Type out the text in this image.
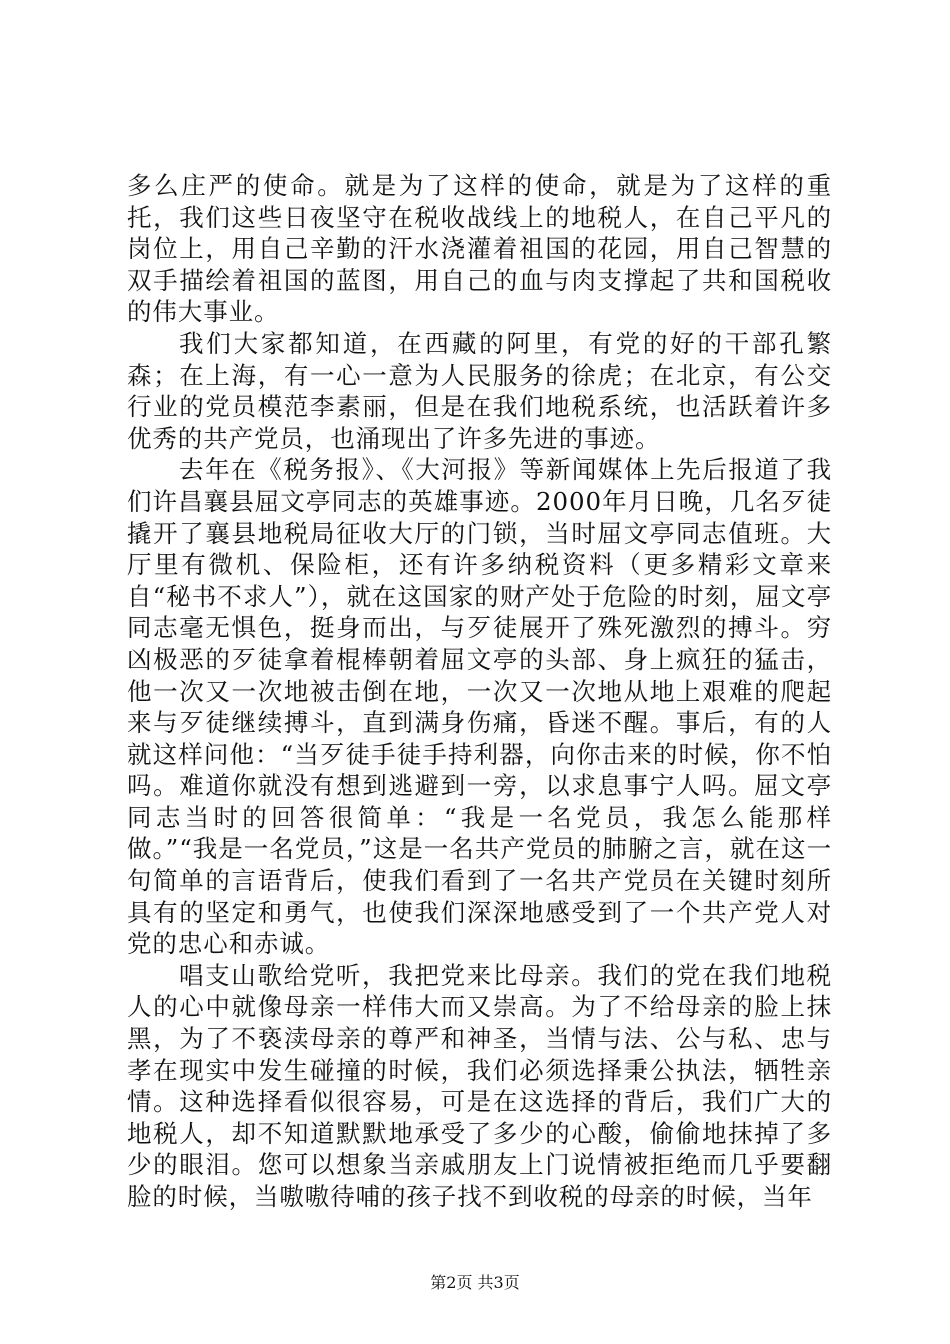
多么庄严的使命。就是为了这样的使命，就是为了这样的重托，我们这些日夜坚守在税收战线上的地税人，在自己平凡的岗位上，用自己辛勤的汗水浇灌着祖国的花园，用自己智慧的双手描绘着祖国的蓝图，用自己的血与肉支撑起了共和国税收的伟大事业。

我们大家都知道，在西藏的阿里，有党的好的干部孔繁森；在上海，有一心一意为人民服务的徐虎；在北京，有公交行业的党员模范李素丽，但是在我们地税系统，也活跃着许多优秀的共产党员，也涌现出了许多先进的事迹。

去年在《税务报》、《大河报》等新闻媒体上先后报道了我们许昌襄县屈文亭同志的英雄事迹。2000年月日晚，几名歹徒撬开了襄县地税局征收大厅的门锁，当时屈文亭同志值班。大厅里有微机、保险柜，还有许多纳税资料（更多精彩文章来自“秘书不求人”），就在这国家的财产处于危险的时刻，屈文亭同志毫无惧色，挺身而出，与歹徒展开了殊死激烈的搏斗。穷凶极恶的歹徒拿着棍棒朝着屈文亭的头部、身上疯狂的猛击，他一次又一次地被击倒在地，一次又一次地从地上艰难的爬起来与歹徒继续搏斗，直到满身伤痛，昏迷不醒。事后，有的人就这样问他：“当歹徒手徒手持利器，向你击来的时候，你不怕吗。难道你就没有想到逃避到一旁，以求息事宁人吗。屈文亭同志当时的回答很简单：“我是一名党员，我怎么能那样做。”“我是一名党员，”这是一名共产党员的肺腑之言，就在这一句简单的言语背后，使我们看到了一名共产党员在关键时刻所具有的坚定和勇气，也使我们深深地感受到了一个共产党人对党的忠心和赤诚。

唱支山歌给党听，我把党来比母亲。我们的党在我们地税人的心中就像母亲一样伟大而又崇高。为了不给母亲的脸上抹黑，为了不亵渎母亲的尊严和神圣，当情与法、公与私、忠与孝在现实中发生碰撞的时候，我们必须选择秉公执法，牺牲亲情。这种选择看似很容易，可是在这选择的背后，我们广大的地税人，却不知道默默地承受了多少的心酸，偷偷地抹掉了多少的眼泪。您可以想象当亲戚朋友上门说情被拒绝而几乎要翻脸的时候，当嗷嗷待哺的孩子找不到收税的母亲的时候，当年

第2页 共3页
